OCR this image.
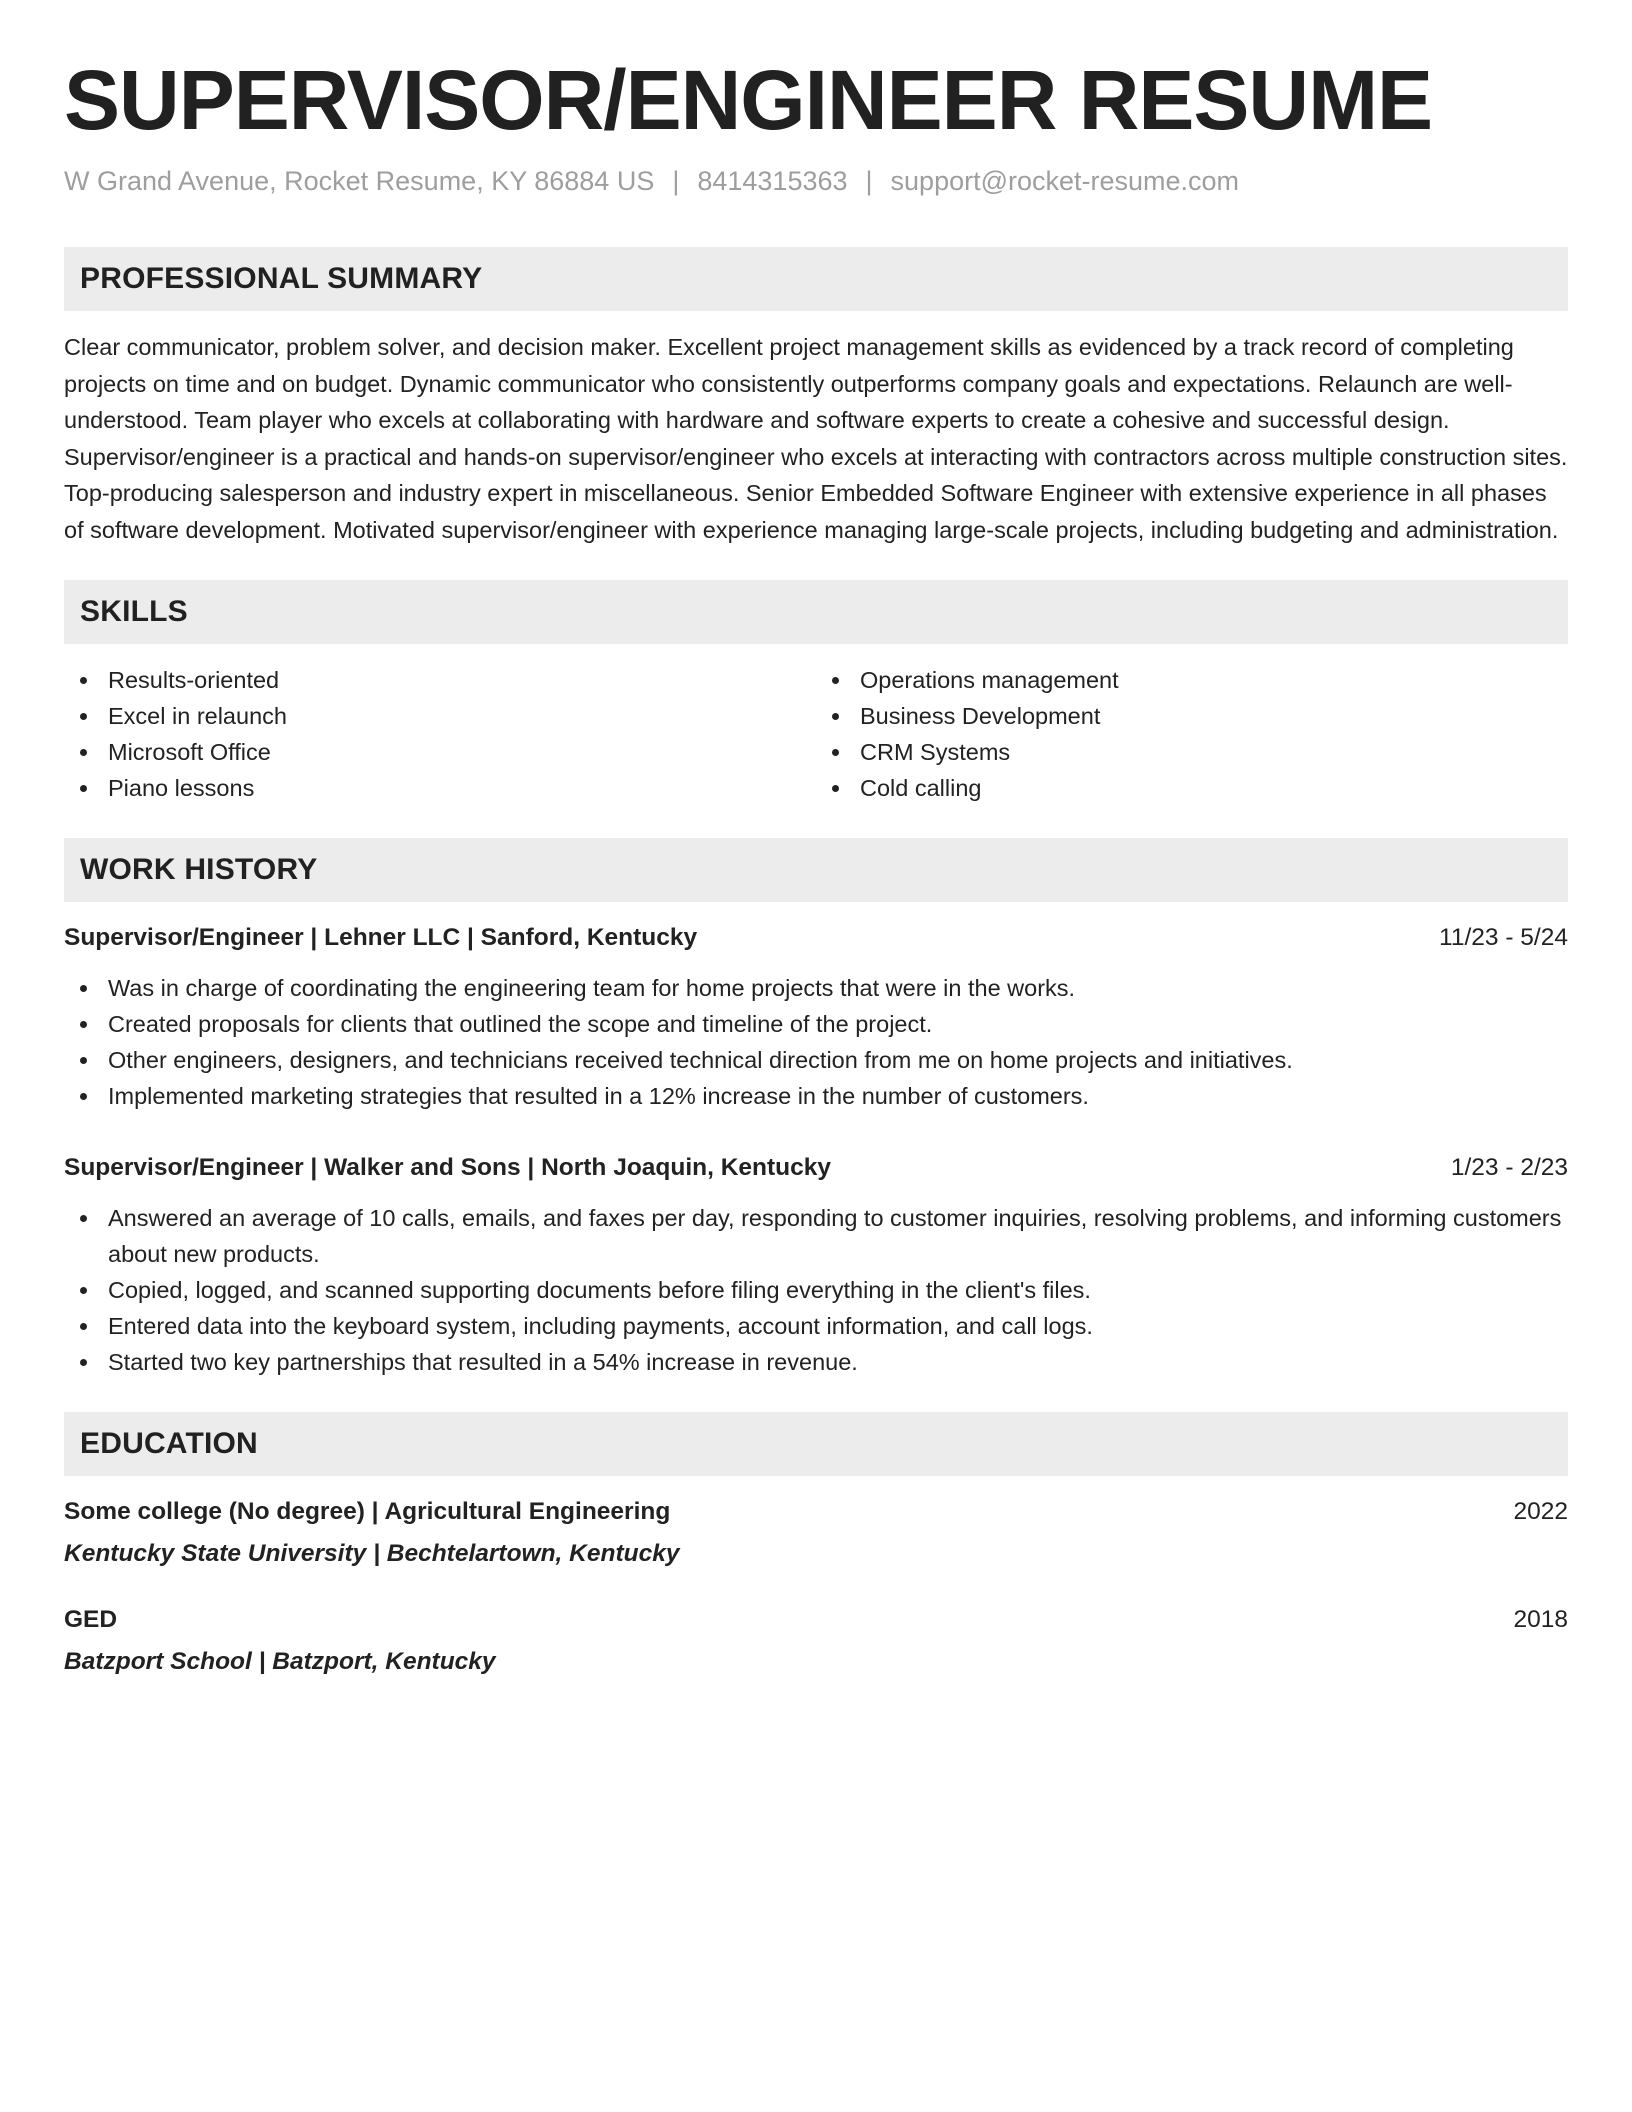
SUPERVISOR/ENGINEER RESUME
W Grand Avenue, Rocket Resume, KY 86884 US | 8414315363 | support@rocket-resume.com
PROFESSIONAL SUMMARY

Clear communicator, problem solver, and decision maker. Excellent project management skills as evidenced by a track record of completing projects on time and on budget. Dynamic communicator who consistently outperforms company goals and expectations. Relaunch are well-understood. Team player who excels at collaborating with hardware and software experts to create a cohesive and successful design. Supervisor/engineer is a practical and hands-on supervisor/engineer who excels at interacting with contractors across multiple construction sites. Top-producing salesperson and industry expert in miscellaneous. Senior Embedded Software Engineer with extensive experience in all phases of software development. Motivated supervisor/engineer with experience managing large-scale projects, including budgeting and administration.

SKILLS
Results-oriented
Excel in relaunch
Microsoft Office
Piano lessons
Operations management
Business Development
CRM Systems
Cold calling
WORK HISTORY
Supervisor/Engineer | Lehner LLC | Sanford, Kentucky	11/23 - 5/24
Was in charge of coordinating the engineering team for home projects that were in the works.
Created proposals for clients that outlined the scope and timeline of the project.
Other engineers, designers, and technicians received technical direction from me on home projects and initiatives.
Implemented marketing strategies that resulted in a 12% increase in the number of customers.
Supervisor/Engineer | Walker and Sons | North Joaquin, Kentucky	1/23 - 2/23
Answered an average of 10 calls, emails, and faxes per day, responding to customer inquiries, resolving problems, and informing customers about new products.
Copied, logged, and scanned supporting documents before filing everything in the client's files.
Entered data into the keyboard system, including payments, account information, and call logs.
Started two key partnerships that resulted in a 54% increase in revenue.
EDUCATION
Some college (No degree) | Agricultural Engineering	2022
Kentucky State University | Bechtelartown, Kentucky
GED	2018
Batzport School | Batzport, Kentucky
